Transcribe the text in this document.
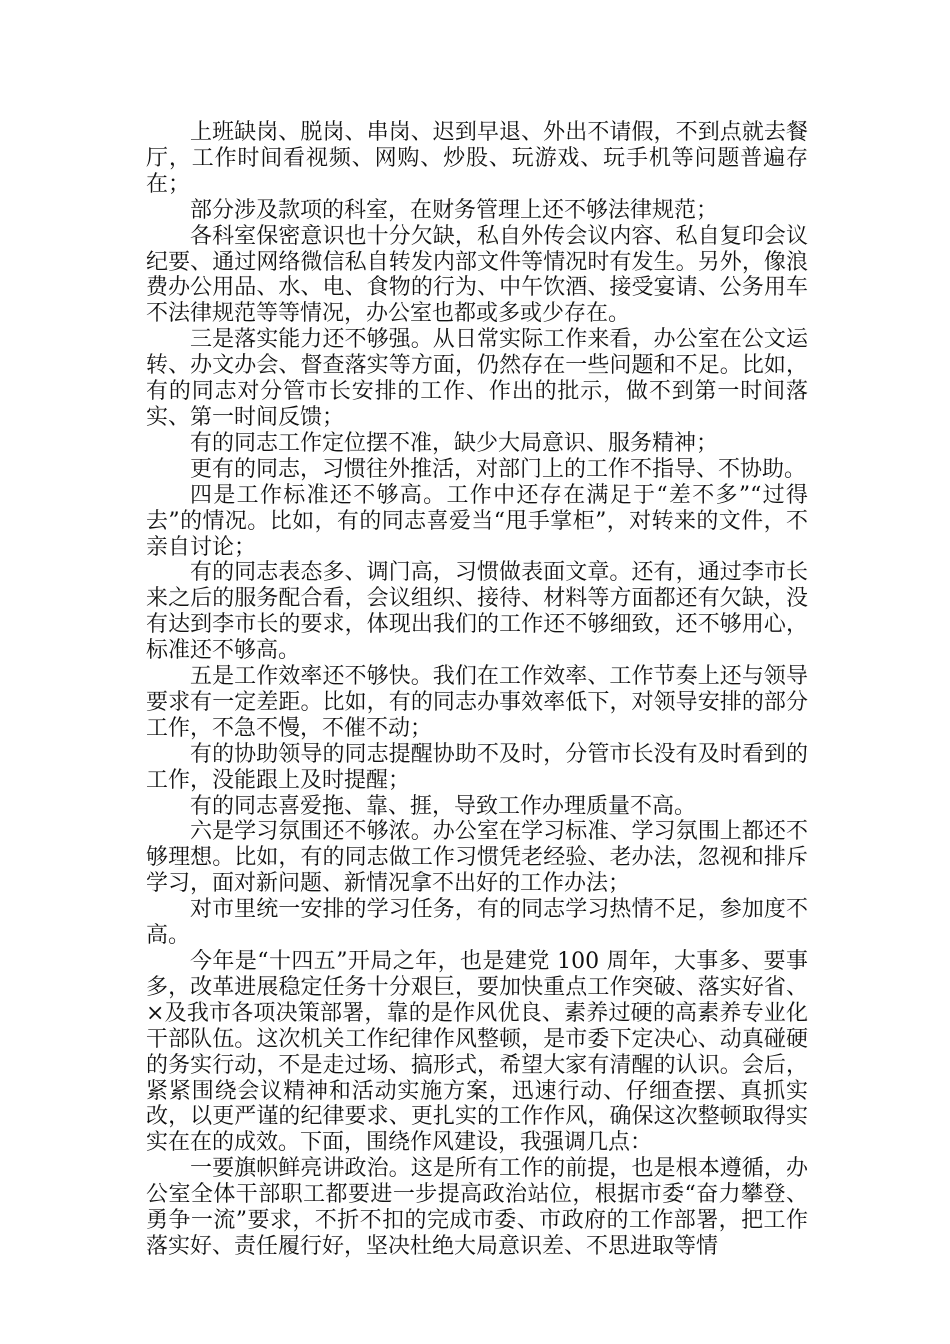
上班缺岗、脱岗、串岗、迟到早退、外出不请假，不到点就去餐厅，工作时间看视频、网购、炒股、玩游戏、玩手机等问题普遍存在；

部分涉及款项的科室，在财务管理上还不够法律规范；

各科室保密意识也十分欠缺，私自外传会议内容、私自复印会议纪要、通过网络微信私自转发内部文件等情况时有发生。另外，像浪费办公用品、水、电、食物的行为、中午饮酒、接受宴请、公务用车不法律规范等等情况，办公室也都或多或少存在。

三是落实能力还不够强。从日常实际工作来看，办公室在公文运转、办文办会、督查落实等方面，仍然存在一些问题和不足。比如，有的同志对分管市长安排的工作、作出的批示，做不到第一时间落实、第一时间反馈；

有的同志工作定位摆不准，缺少大局意识、服务精神；

更有的同志，习惯往外推活，对部门上的工作不指导、不协助。

四是工作标准还不够高。工作中还存在满足于“差不多”“过得去”的情况。比如，有的同志喜爱当“甩手掌柜”，对转来的文件，不亲自讨论；

有的同志表态多、调门高，习惯做表面文章。还有，通过李市长来之后的服务配合看，会议组织、接待、材料等方面都还有欠缺，没有达到李市长的要求，体现出我们的工作还不够细致，还不够用心，标准还不够高。

五是工作效率还不够快。我们在工作效率、工作节奏上还与领导要求有一定差距。比如，有的同志办事效率低下，对领导安排的部分工作，不急不慢，不催不动；

有的协助领导的同志提醒协助不及时，分管市长没有及时看到的工作，没能跟上及时提醒；

有的同志喜爱拖、靠、捱，导致工作办理质量不高。

六是学习氛围还不够浓。办公室在学习标准、学习氛围上都还不够理想。比如，有的同志做工作习惯凭老经验、老办法，忽视和排斥学习，面对新问题、新情况拿不出好的工作办法；

对市里统一安排的学习任务，有的同志学习热情不足，参加度不高。

今年是“十四五”开局之年，也是建党 100 周年，大事多、要事多，改革进展稳定任务十分艰巨，要加快重点工作突破、落实好省、×及我市各项决策部署，靠的是作风优良、素养过硬的高素养专业化干部队伍。这次机关工作纪律作风整顿，是市委下定决心、动真碰硬的务实行动，不是走过场、搞形式，希望大家有清醒的认识。会后，紧紧围绕会议精神和活动实施方案，迅速行动、仔细查摆、真抓实改，以更严谨的纪律要求、更扎实的工作作风，确保这次整顿取得实实在在的成效。下面，围绕作风建设，我强调几点：

一要旗帜鲜亮讲政治。这是所有工作的前提，也是根本遵循，办公室全体干部职工都要进一步提高政治站位，根据市委“奋力攀登、勇争一流”要求，不折不扣的完成市委、市政府的工作部署，把工作落实好、责任履行好，坚决杜绝大局意识差、不思进取等情
